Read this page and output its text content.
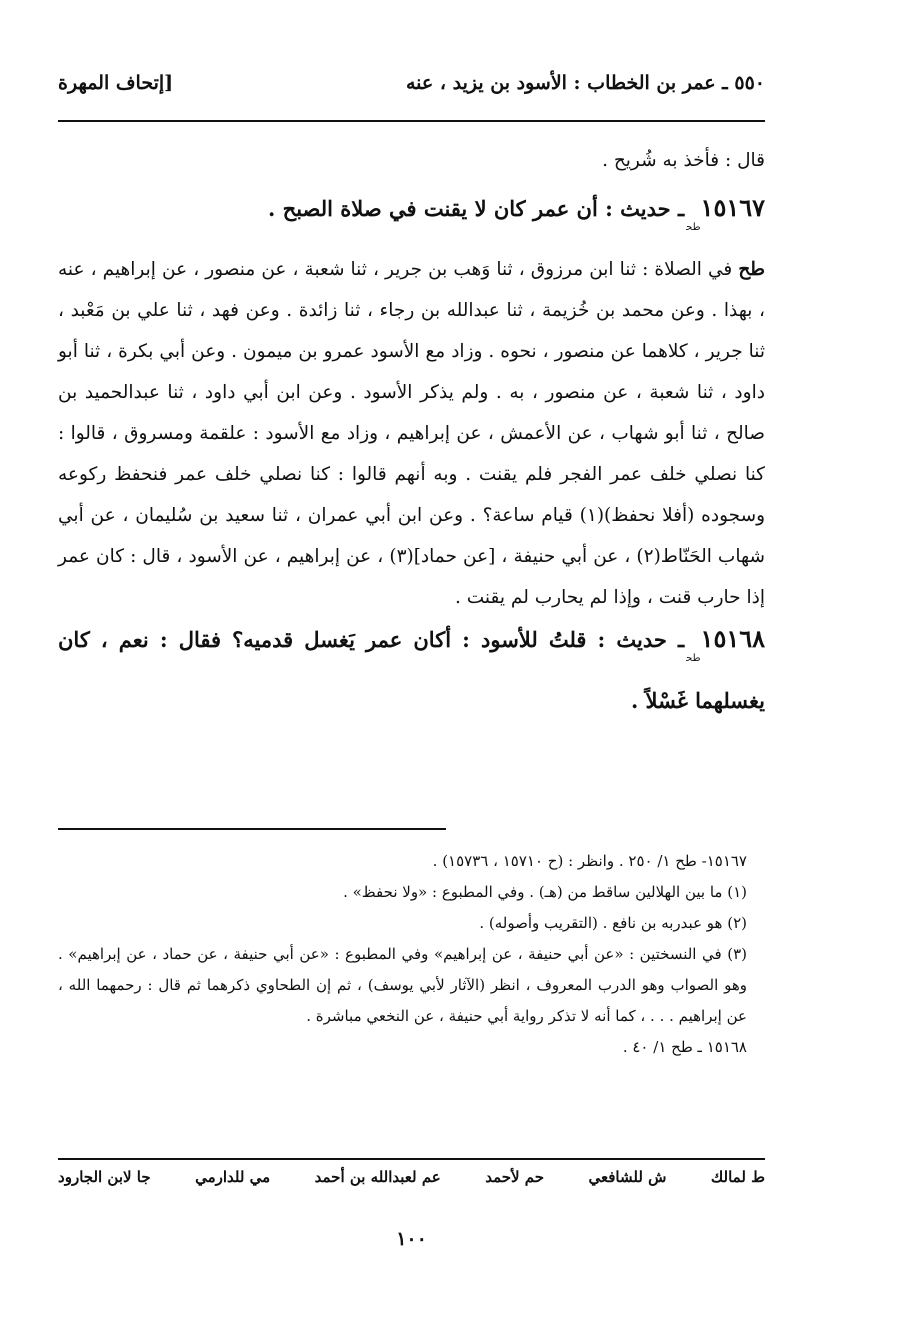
٥٥٠ ـ عمر بن الخطاب : الأسود بن يزيد ، عنه
[إتحاف المهرة

قال : فأخذ به شُريح .

$١٥١٦٧_{طح}ـ$ حديث : أن عمر كان لا يقنت في صلاة الصبح .

طح في الصلاة : ثنا ابن مرزوق ، ثنا وَهب بن جرير ، ثنا شعبة ، عن منصور ، عن إبراهيم ، عنه ، بهذا . وعن محمد بن خُزيمة ، ثنا عبدالله بن رجاء ، ثنا زائدة . وعن فهد ، ثنا علي بن مَعْبد ، ثنا جرير ، كلاهما عن منصور ، نحوه . وزاد مع الأسود عمرو بن ميمون . وعن أبي بكرة ، ثنا أبو داود ، ثنا شعبة ، عن منصور ، به . ولم يذكر الأسود . وعن ابن أبي داود ، ثنا عبدالحميد بن صالح ، ثنا أبو شهاب ، عن الأعمش ، عن إبراهيم ، وزاد مع الأسود : علقمة ومسروق ، قالوا : كنا نصلي خلف عمر الفجر فلم يقنت . وبه أنهم قالوا : كنا نصلي خلف عمر فنحفظ ركوعه وسجوده (أفلا نحفظ)(١) قيام ساعة؟ . وعن ابن أبي عمران ، ثنا سعيد بن سُليمان ، عن أبي شهاب الحَنّاط(٢) ، عن أبي حنيفة ، [عن حماد](٣) ، عن إبراهيم ، عن الأسود ، قال : كان عمر إذا حارب قنت ، وإذا لم يحارب لم يقنت .

$١٥١٦٨_{طح}ـ$ حديث : قلتُ للأسود : أكان عمر يَغسل قدميه؟ فقال : نعم ، كان يغسلهما غَسْلاً .

١٥١٦٧- طح ١/ ٢٥٠ . وانظر : (ح ١٥٧١٠ ، ١٥٧٣٦) .

(١) ما بين الهلالين ساقط من (هـ) . وفي المطبوع : «ولا نحفظ» .

(٢) هو عبدربه بن نافع . (التقريب وأصوله) .

(٣) في النسختين : «عن أبي حنيفة ، عن إبراهيم» وفي المطبوع : «عن أبي حنيفة ، عن حماد ، عن إبراهيم» . وهو الصواب وهو الدرب المعروف ، انظر (الآثار لأبي يوسف) ، ثم إن الطحاوي ذكرهما ثم قال : رحمهما الله ، عن إبراهيم . . . ، كما أنه لا تذكر رواية أبي حنيفة ، عن النخعي مباشرة .

١٥١٦٨ ـ طح ١/ ٤٠ .

ط لمالك
ش للشافعي
حم لأحمد
عم لعبدالله بن أحمد
مي للدارمي
جا لابن الجارود
١٠٠
